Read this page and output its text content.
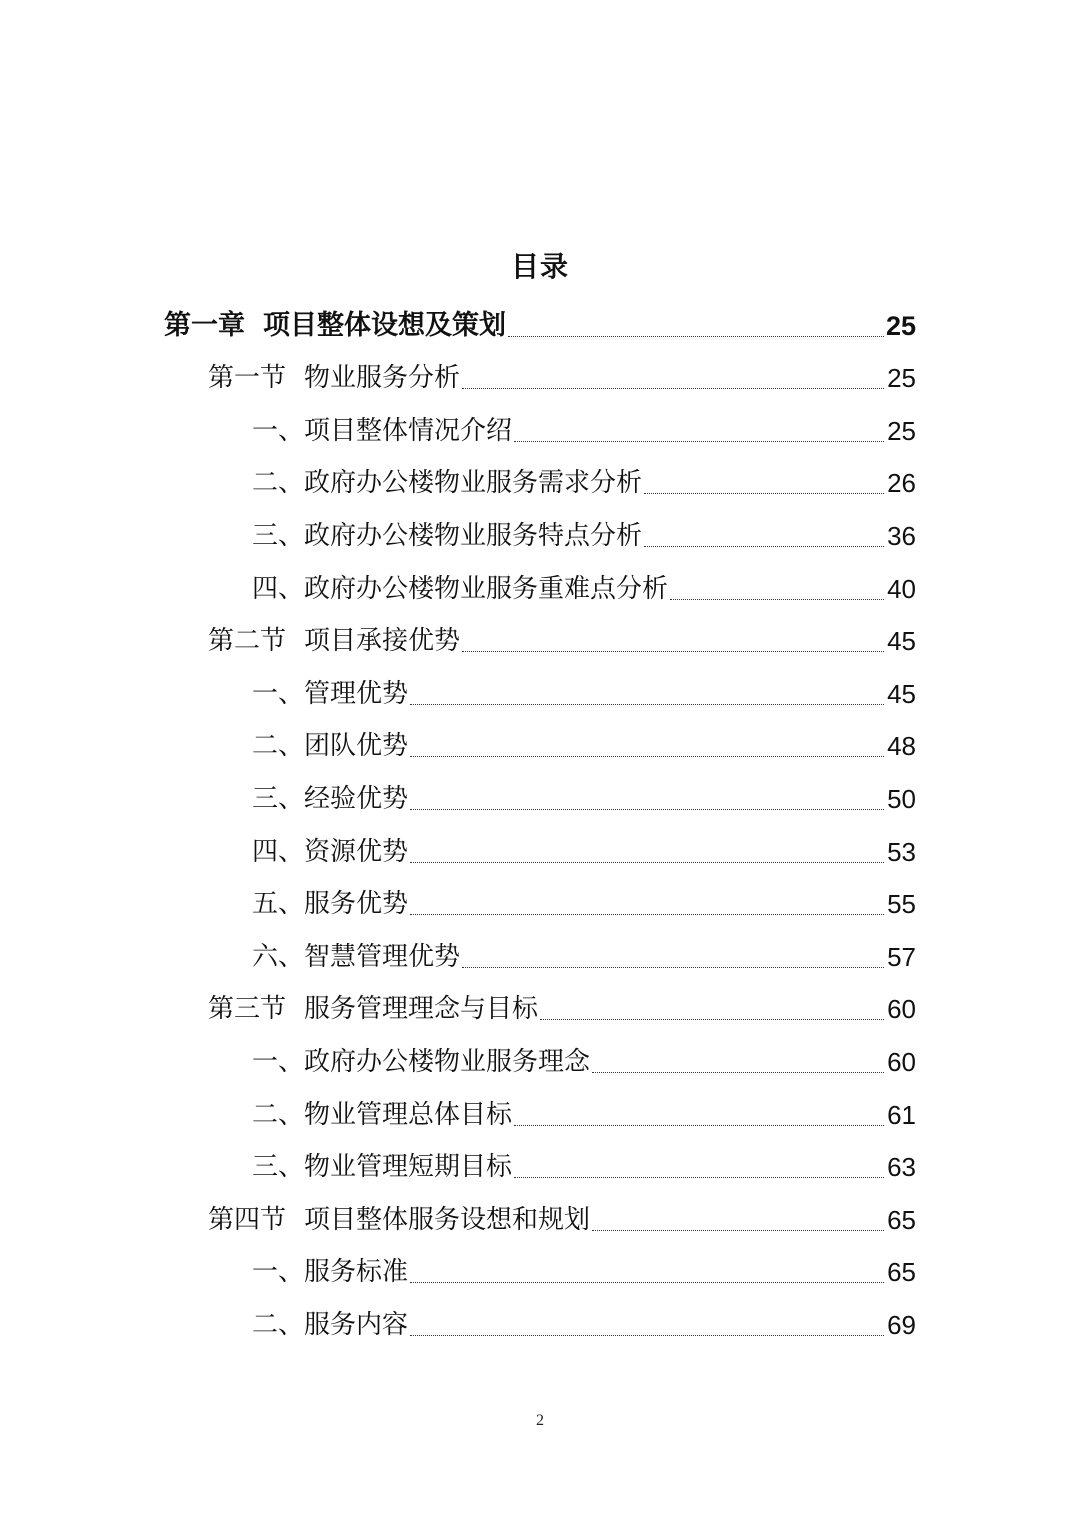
目录
第一章 项目整体设想及策划	25
第一节 物业服务分析	25
一、项目整体情况介绍	25
二、政府办公楼物业服务需求分析	26
三、政府办公楼物业服务特点分析	36
四、政府办公楼物业服务重难点分析	40
第二节 项目承接优势	45
一、管理优势	45
二、团队优势	48
三、经验优势	50
四、资源优势	53
五、服务优势	55
六、智慧管理优势	57
第三节 服务管理理念与目标	60
一、政府办公楼物业服务理念	60
二、物业管理总体目标	61
三、物业管理短期目标	63
第四节 项目整体服务设想和规划	65
一、服务标准	65
二、服务内容	69
2
